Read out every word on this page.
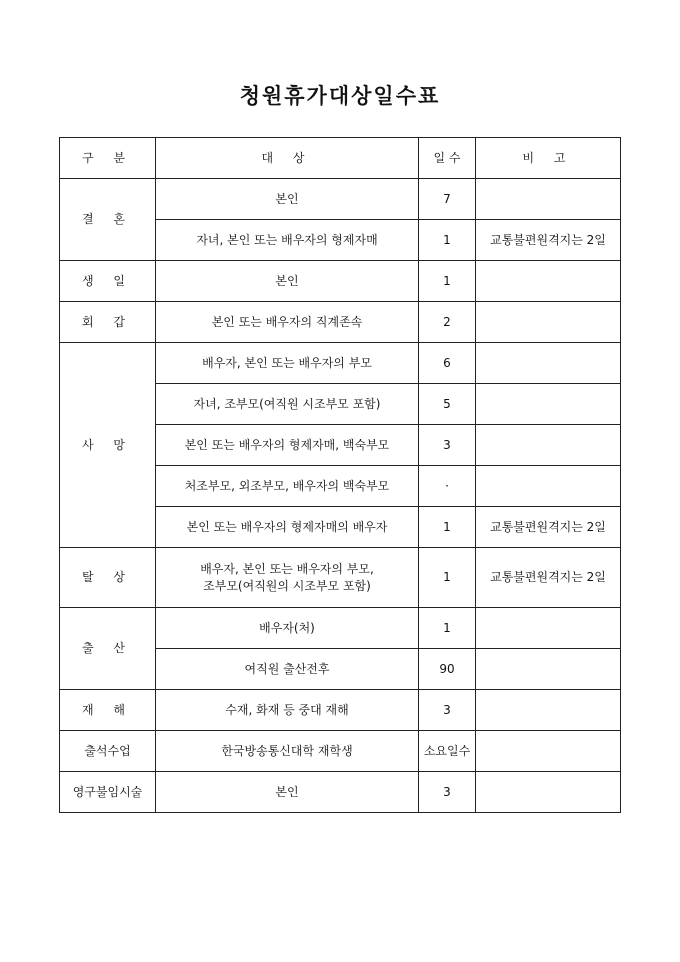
청원휴가대상일수표
구 분	대 상	일 수	비 고
결 혼	본인	7	
	자녀, 본인 또는 배우자의 형제자매	1	교통불편원격지는 2일
생 일	본인	1	
회 갑	본인 또는 배우자의 직계존속	2	
사 망	배우자, 본인 또는 배우자의 부모	6	
	자녀, 조부모(여직원 시조부모 포함)	5	
	본인 또는 배우자의 형제자매, 백숙부모	3	
	처조부모, 외조부모, 배우자의 백숙부모	·	
	본인 또는 배우자의 형제자매의 배우자	1	교통불편원격지는 2일
탈 상	배우자, 본인 또는 배우자의 부모,
조부모(여직원의 시조부모 포함)	1	교통불편원격지는 2일
출 산	배우자(처)	1	
	여직원 출산전후	90	
재 해	수재, 화재 등 중대 재해	3	
출석수업	한국방송통신대학 재학생	소요일수	
영구불임시술	본인	3	
